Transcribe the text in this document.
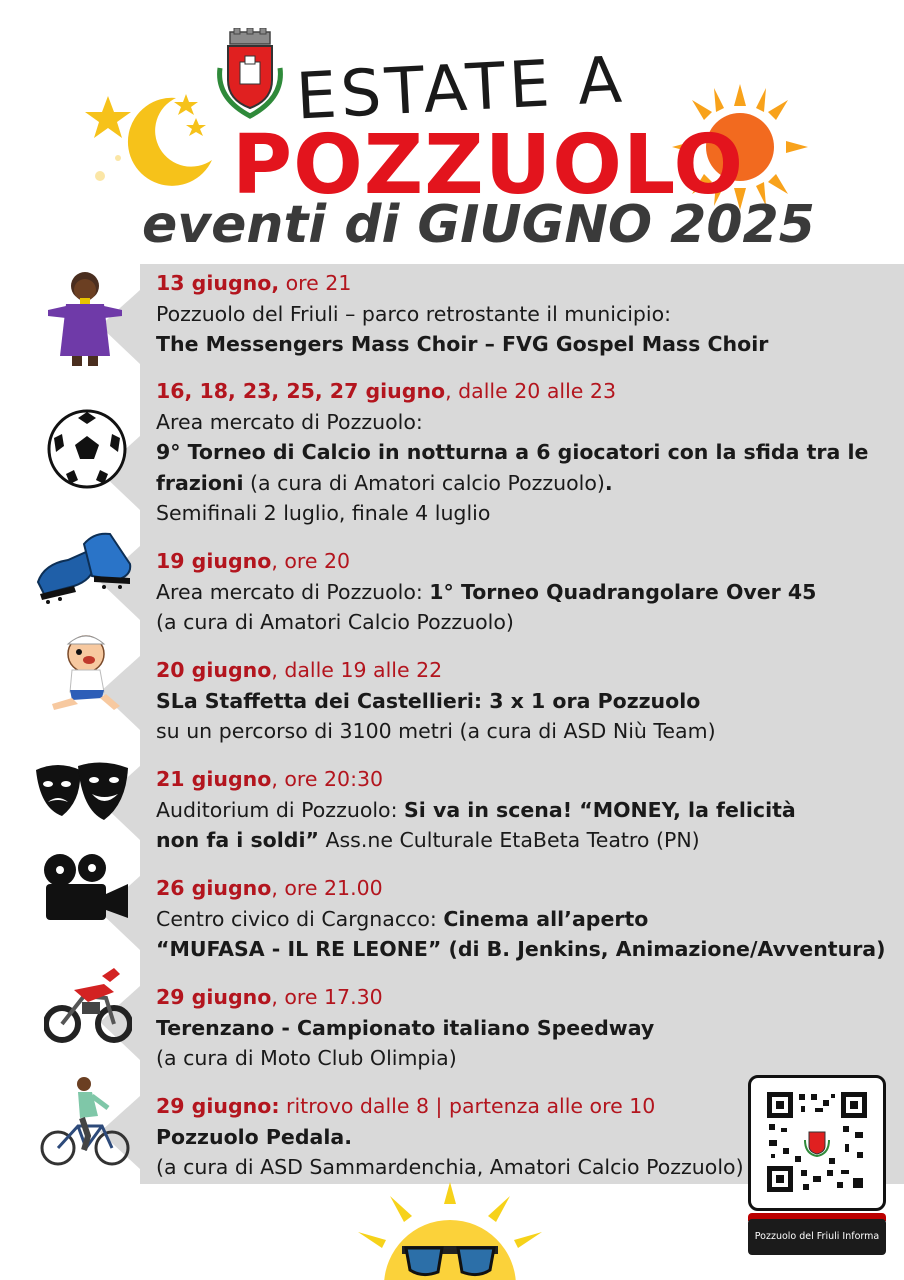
ESTATE A
POZZUOLO
eventi di GIUGNO 2025
13 giugno, ore 21
Pozzuolo del Friuli – parco retrostante il municipio:
The Messengers Mass Choir – FVG Gospel Mass Choir
16, 18, 23, 25, 27 giugno, dalle 20 alle 23
Area mercato di Pozzuolo:
9° Torneo di Calcio in notturna a 6 giocatori con la sfida tra le
frazioni (a cura di Amatori calcio Pozzuolo).
Semifinali 2 luglio, finale 4 luglio
19 giugno, ore 20
Area mercato di Pozzuolo: 1° Torneo Quadrangolare Over 45
(a cura di Amatori Calcio Pozzuolo)
20 giugno, dalle 19 alle 22
SLa Staffetta dei Castellieri: 3 x 1 ora Pozzuolo
su un percorso di 3100 metri (a cura di ASD Niù Team)
21 giugno, ore 20:30
Auditorium di Pozzuolo: Si va in scena! “MONEY, la felicità
non fa i soldi” Ass.ne Culturale EtaBeta Teatro (PN)
26 giugno, ore 21.00
Centro civico di Cargnacco: Cinema all’aperto
“MUFASA - IL RE LEONE” (di B. Jenkins, Animazione/Avventura)
29 giugno, ore 17.30
Terenzano - Campionato italiano Speedway
(a cura di Moto Club Olimpia)
29 giugno: ritrovo dalle 8 | partenza alle ore 10
Pozzuolo Pedala.
(a cura di ASD Sammardenchia, Amatori Calcio Pozzuolo)
Pozzuolo del Friuli Informa
